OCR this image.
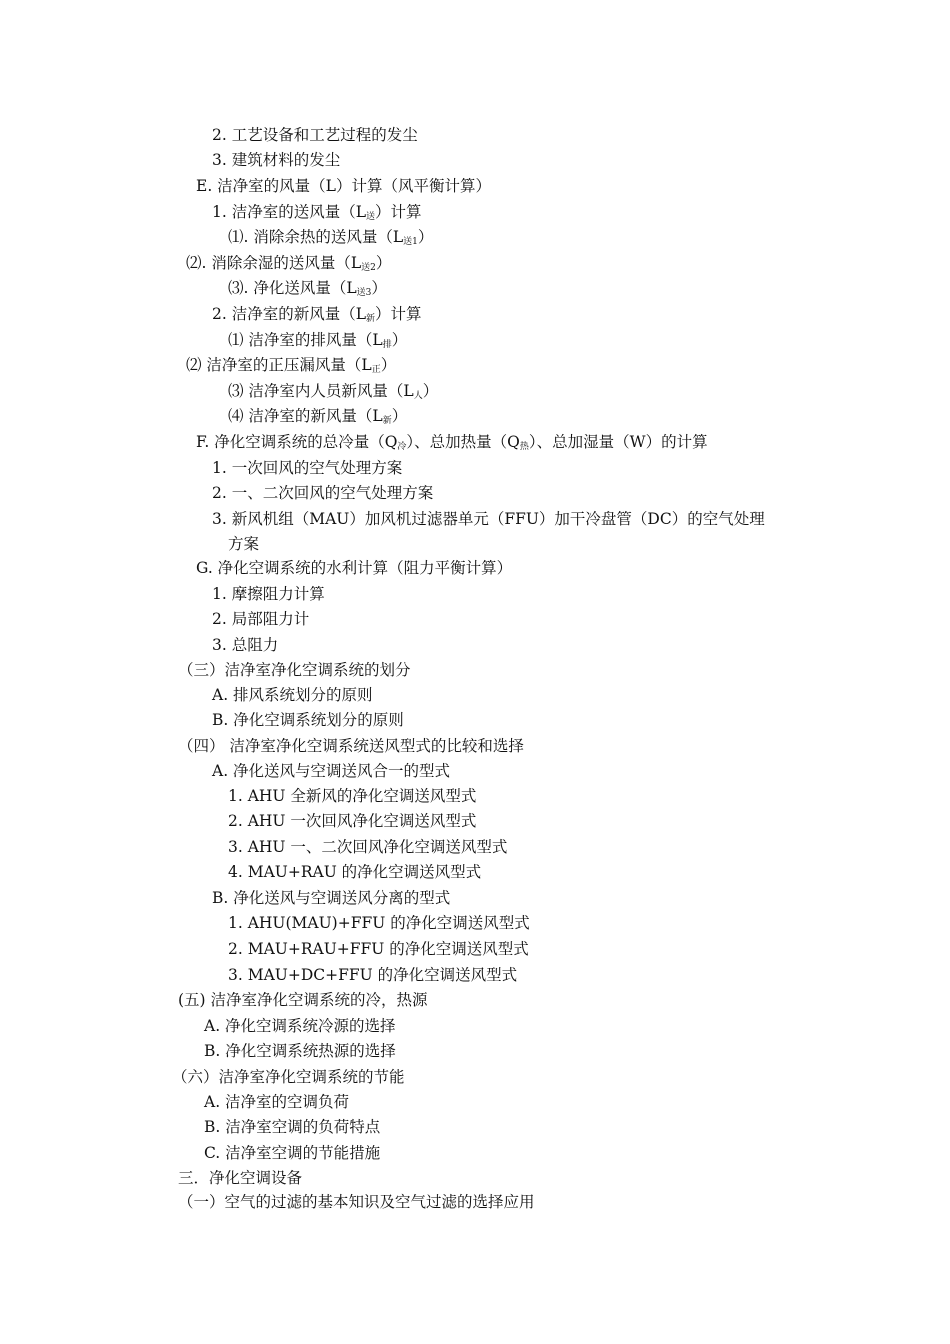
2. 工艺设备和工艺过程的发尘
3. 建筑材料的发尘
E. 洁净室的风量（L）计算（风平衡计算）
1. 洁净室的送风量$(L_送)$计算
⑴. 消除余热的送风量$(L_{送1})$
⑵. 消除余湿的送风量$(L_{送2})$
⑶. 净化送风量$(L_{送3})$
2. 洁净室的新风量$(L_新)$计算
⑴ 洁净室的排风量$(L_排)$
⑵ 洁净室的正压漏风量$(L_正)$
⑶ 洁净室内人员新风量$(L_人)$
⑷ 洁净室的新风量$(L_新)$
F. 净化空调系统的总冷量$(Q_冷)$、总加热量$(Q_热)$、总加湿量（W）的计算
1. 一次回风的空气处理方案
2. 一、二次回风的空气处理方案
3. 新风机组（MAU）加风机过滤器单元（FFU）加干冷盘管（DC）的空气处理
方案
G. 净化空调系统的水利计算（阻力平衡计算）
1. 摩擦阻力计算
2. 局部阻力计
3. 总阻力
（三）洁净室净化空调系统的划分
A. 排风系统划分的原则
B. 净化空调系统划分的原则
（四） 洁净室净化空调系统送风型式的比较和选择
A. 净化送风与空调送风合一的型式
1. AHU 全新风的净化空调送风型式
2. AHU 一次回风净化空调送风型式
3. AHU 一、二次回风净化空调送风型式
4. MAU+RAU 的净化空调送风型式
B. 净化送风与空调送风分离的型式
1. AHU(MAU)+FFU 的净化空调送风型式
2. MAU+RAU+FFU 的净化空调送风型式
3. MAU+DC+FFU 的净化空调送风型式
(五) 洁净室净化空调系统的冷，热源
A. 净化空调系统冷源的选择
B. 净化空调系统热源的选择
（六）洁净室净化空调系统的节能
A. 洁净室的空调负荷
B. 洁净室空调的负荷特点
C. 洁净室空调的节能措施
三．净化空调设备
（一）空气的过滤的基本知识及空气过滤的选择应用
